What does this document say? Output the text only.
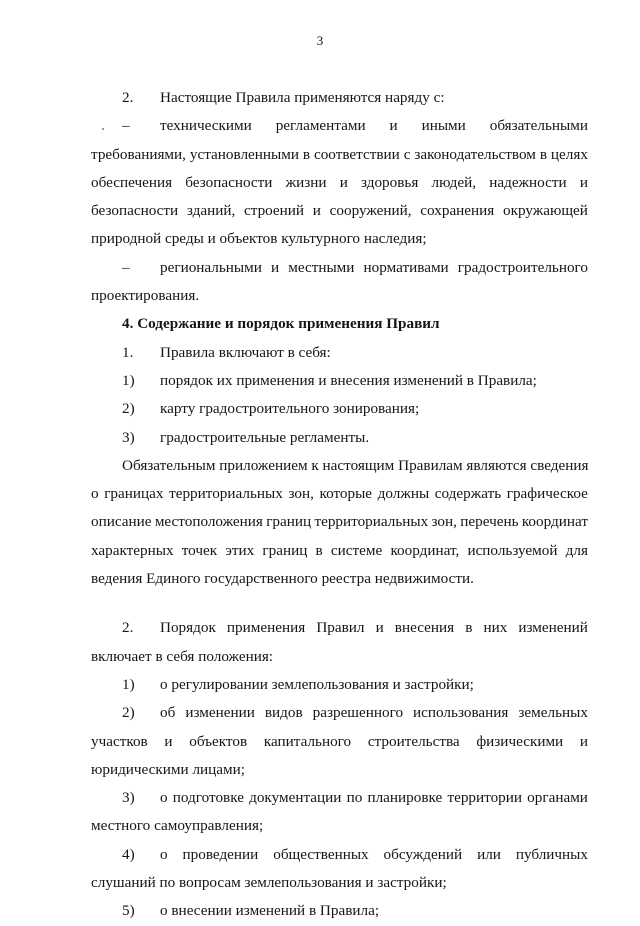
3
2. Настоящие Правила применяются наряду с:
–	техническими регламентами и иными обязательными
требованиями, установленными в соответствии с законодательством в целях
обеспечения безопасности жизни и здоровья людей, надежности и
безопасности зданий, строений и сооружений, сохранения окружающей
природной среды и объектов культурного наследия;
–	региональными и местными нормативами градостроительного
проектирования.
4. Содержание и порядок применения Правил
1. Правила включают в себя:
1) порядок их применения и внесения изменений в Правила;
2) карту градостроительного зонирования;
3) градостроительные регламенты.
Обязательным приложением к настоящим Правилам являются сведения
о границах территориальных зон, которые должны содержать графическое
описание местоположения границ территориальных зон, перечень координат
характерных точек этих границ в системе координат, используемой для
ведения Единого государственного реестра недвижимости.
2.	Порядок применения Правил и внесения в них изменений
включает в себя положения:
1) о регулировании землепользования и застройки;
2)	об изменении видов разрешенного использования земельных
участков и объектов капитального строительства физическими и
юридическими лицами;
3)	о подготовке документации по планировке территории органами
местного самоуправления;
4)	о проведении общественных обсуждений или публичных
слушаний по вопросам землепользования и застройки;
5) о внесении изменений в Правила;
